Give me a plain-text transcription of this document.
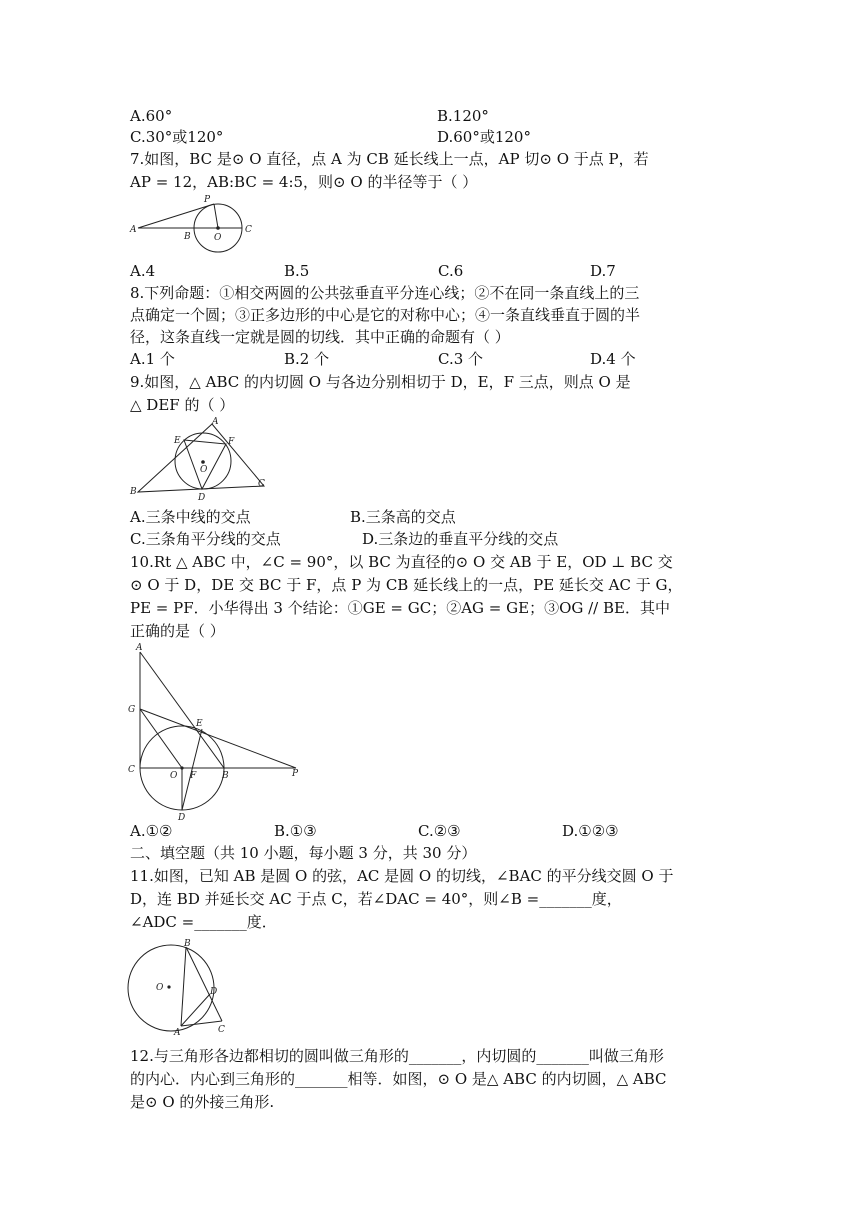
A.60°	B.120°
C.30°或120°	D.60°或120°
7.如图，BC 是⊙ O 直径，点 A 为 CB 延长线上一点，AP 切⊙ O 于点 P，若
AP = 12，AB:BC = 4:5，则⊙ O 的半径等于（ ）
A
B	O
C
P
A.4	B.5	C.6	D.7
8.下列命题：①相交两圆的公共弦垂直平分连心线；②不在同一条直线上的三
点确定一个圆；③正多边形的中心是它的对称中心；④一条直线垂直于圆的半
径，这条直线一定就是圆的切线．其中正确的命题有（ ）
A.1 个	B.2 个	C.3 个	D.4 个
9.如图，△ ABC 的内切圆 O 与各边分别相切于 D，E，F 三点，则点 O 是
△ DEF 的（ ）
A
E	F
O
B
D
C
A.三条中线的交点	B.三条高的交点
C.三条角平分线的交点	D.三条边的垂直平分线的交点
10.Rt △ ABC 中，∠C = 90°，以 BC 为直径的⊙ O 交 AB 于 E，OD ⊥ BC 交
⊙ O 于 D，DE 交 BC 于 F，点 P 为 CB 延长线上的一点，PE 延长交 AC 于 G，
PE = PF．小华得出 3 个结论：①GE = GC；②AG = GE；③OG // BE．其中
正确的是（ ）
A
G
E
C
O F	B	P
D
A.①②	B.①③	C.②③	D.①②③
二、填空题（共 10 小题，每小题 3 分，共 30 分）
11.如图，已知 AB 是圆 O 的弦，AC 是圆 O 的切线，∠BAC 的平分线交圆 O 于
D，连 BD 并延长交 AC 于点 C，若∠DAC = 40°，则∠B =_______度，
∠ADC =_______度．
B
O	D
A	C
12.与三角形各边都相切的圆叫做三角形的_______，内切圆的_______叫做三角形
的内心．内心到三角形的_______相等．如图，⊙ O 是△ ABC 的内切圆，△ ABC
是⊙ O 的外接三角形.
